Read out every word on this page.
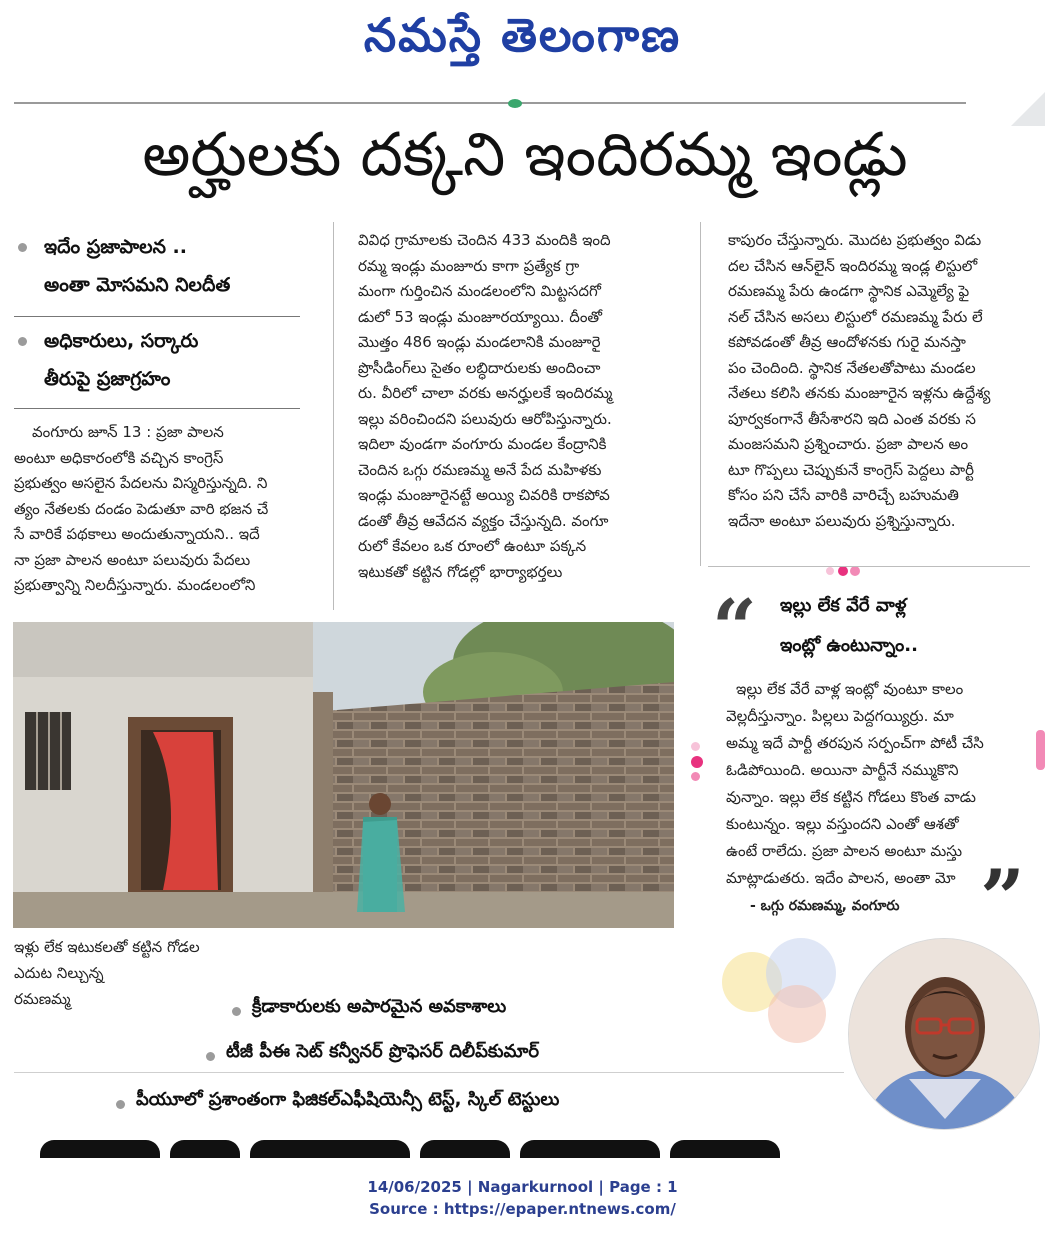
నమస్తే తెలంగాణ
అర్హులకు దక్కని ఇందిరమ్మ ఇండ్లు
ఇదేం ప్రజాపాలన ..
అంతా మోసమని నిలదీత
అధికారులు, సర్కారు
తీరుపై ప్రజాగ్రహం

వంగూరు జూన్ 13 : ప్రజా పాలన

అంటూ అధికారంలోకి వచ్చిన కాంగ్రెస్

ప్రభుత్వం అసలైన పేదలను విస్మరిస్తున్నది. ని

త్యం నేతలకు దండం పెడుతూ వారి భజన చే

సే వారికే పథకాలు అందుతున్నాయని.. ఇదే

నా ప్రజా పాలన అంటూ పలువురు పేదలు

ప్రభుత్వాన్ని నిలదీస్తున్నారు. మండలంలోని

వివిధ గ్రామాలకు చెందిన 433 మందికి ఇంది

రమ్మ ఇండ్లు మంజూరు కాగా ప్రత్యేక గ్రా

మంగా గుర్తించిన మండలంలోని మిట్టసదగో

డులో 53 ఇండ్లు మంజూరయ్యాయి. దీంతో

మొత్తం 486 ఇండ్లు మండలానికి మంజూరై

ప్రొసీడింగ్‌లు సైతం లబ్ధిదారులకు అందించా

రు. వీరిలో చాలా వరకు అనర్హులకే ఇందిరమ్మ

ఇల్లు వరించిందని పలువురు ఆరోపిస్తున్నారు.

ఇదిలా వుండగా వంగూరు మండల కేంద్రానికి

చెందిన ఒగ్గు రమణమ్మ అనే పేద మహిళకు

ఇండ్లు మంజూరైనట్టే అయ్యి చివరికి రాకపోవ

డంతో తీవ్ర ఆవేదన వ్యక్తం చేస్తున్నది. వంగూ

రులో కేవలం ఒక రూంలో ఉంటూ పక్కన

ఇటుకతో కట్టిన గోడల్లో భార్యాభర్తలు

కాపురం చేస్తున్నారు. మొదట ప్రభుత్వం విడు

దల చేసిన ఆన్‌లైన్ ఇందిరమ్మ ఇండ్ల లిస్టులో

రమణమ్మ పేరు ఉండగా స్థానిక ఎమ్మెల్యే ఫై

నల్ చేసిన అసలు లిస్టులో రమణమ్మ పేరు లే

కపోవడంతో తీవ్ర ఆందోళనకు గురై మనస్తా

పం చెందింది. స్థానిక నేతలతోపాటు మండల

నేతలు కలిసి తనకు మంజూరైన ఇళ్లను ఉద్దేశ్య

పూర్వకంగానే తీసేశారని ఇది ఎంత వరకు స

మంజసమని ప్రశ్నించారు. ప్రజా పాలన అం

టూ గొప్పలు చెప్పుకునే కాంగ్రెస్ పెద్దలు పార్టీ

కోసం పని చేసే వారికి వారిచ్చే బహుమతి

ఇదేనా అంటూ పలువురు ప్రశ్నిస్తున్నారు.

ఇళ్లు లేక ఇటుకలతో కట్టిన గోడల

ఎదుట నిల్చున్న

రమణమ్మ

“ ఇల్లు లేక వేరే వాళ్ల

ఇంట్లో ఉంటున్నాం..

ఇల్లు లేక వేరే వాళ్ల ఇంట్లో వుంటూ కాలం

వెల్లదీస్తున్నాం. పిల్లలు పెద్దగయ్యిర్రు. మా

అమ్మ ఇదే పార్టీ తరపున సర్పంచ్‌గా పోటీ చేసి

ఓడిపోయింది. అయినా పార్టీనే నమ్ముకొని

వున్నాం. ఇల్లు లేక కట్టిన గోడలు కొంత వాడు

కుంటున్నం. ఇల్లు వస్తుందని ఎంతో ఆశతో

ఉంటే రాలేదు. ప్రజా పాలన అంటూ మస్తు

మాట్లాడుతరు. ఇదేం పాలన, అంతా మో

- ఒగ్గు రమణమ్మ, వంగూరు ”
క్రీడాకారులకు అపారమైన అవకాశాలు
టీజీ పీఈ సెట్ కన్వీనర్ ప్రొఫెసర్ దిలీప్‌కుమార్
పీయూలో ప్రశాంతంగా ఫిజికల్ఎఫీషియెన్సీ టెస్ట్, స్కిల్ టెస్టులు
14/06/2025 | Nagarkurnool | Page : 1
Source : https://epaper.ntnews.com/
